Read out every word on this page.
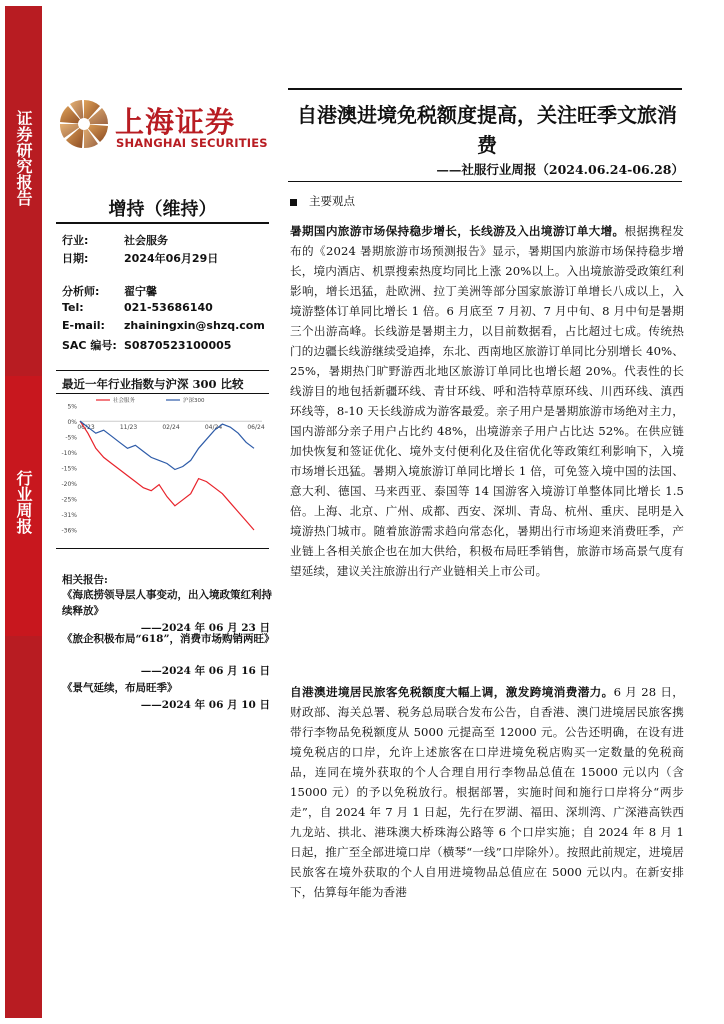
证券研究报告
行业周报
上海证券
SHANGHAI SECURITIES
自港澳进境免税额度提高，关注旺季文旅消费
——社服行业周报（2024.06.24-06.28）
增持（维持）
行业:	社会服务
日期:	2024年06月29日
分析师: 翟宁馨
Tel:	021-53686140
E-mail: zhainingxin@shzq.com
SAC 编号: S0870523100005
最近一年行业指数与沪深 300 比较
5%
0%
-5%
-10%
-15%
-20%
-25%
-31%
-36%
06/23	11/23	02/24	04/24	06/24
社会服务	沪深300
相关报告:
《海底捞领导层人事变动，出入境政策红利持续释放》
——2024 年 06 月 23 日
《旅企积极布局“618”，消费市场购销两旺》
——2024 年 06 月 16 日
《景气延续，布局旺季》
——2024 年 06 月 10 日
主要观点
暑期国内旅游市场保持稳步增长，长线游及入出境游订单大增。根据携程发布的《2024 暑期旅游市场预测报告》显示，暑期国内旅游市场保持稳步增长，境内酒店、机票搜索热度均同比上涨 20%以上。入出境旅游受政策红利影响，增长迅猛，赴欧洲、拉丁美洲等部分国家旅游订单增长八成以上，入境游整体订单同比增长 1 倍。6 月底至 7 月初、7 月中旬、8 月中旬是暑期三个出游高峰。长线游是暑期主力，以目前数据看，占比超过七成。传统热门的边疆长线游继续受追捧，东北、西南地区旅游订单同比分别增长 40%、25%，暑期热门旷野游西北地区旅游订单同比也增长超 20%。代表性的长线游目的地包括新疆环线、青甘环线、呼和浩特草原环线、川西环线、滇西环线等，8-10 天长线游成为游客最爱。亲子用户是暑期旅游市场绝对主力，国内游部分亲子用户占比约 48%，出境游亲子用户占比达 52%。在供应链加快恢复和签证优化、境外支付便利化及住宿优化等政策红利影响下，入境市场增长迅猛。暑期入境旅游订单同比增长 1 倍，可免签入境中国的法国、意大利、德国、马来西亚、泰国等 14 国游客入境游订单整体同比增长 1.5 倍。上海、北京、广州、成都、西安、深圳、青岛、杭州、重庆、昆明是入境游热门城市。随着旅游需求趋向常态化，暑期出行市场迎来消费旺季，产业链上各相关旅企也在加大供给，积极布局旺季销售，旅游市场高景气度有望延续，建议关注旅游出行产业链相关上市公司。
自港澳进境居民旅客免税额度大幅上调，激发跨境消费潜力。6 月 28 日，财政部、海关总署、税务总局联合发布公告，自香港、澳门进境居民旅客携带行李物品免税额度从 5000 元提高至 12000 元。公告还明确，在设有进境免税店的口岸，允许上述旅客在口岸进境免税店购买一定数量的免税商品，连同在境外获取的个人合理自用行李物品总值在 15000 元以内（含 15000 元）的予以免税放行。根据部署，实施时间和施行口岸将分“两步走”，自 2024 年 7 月 1 日起，先行在罗湖、福田、深圳湾、广深港高铁西九龙站、拱北、港珠澳大桥珠海公路等 6 个口岸实施；自 2024 年 8 月 1 日起，推广至全部进境口岸（横琴“一线”口岸除外）。按照此前规定，进境居民旅客在境外获取的个人自用进境物品总值应在 5000 元以内。在新安排下，估算每年能为香港
